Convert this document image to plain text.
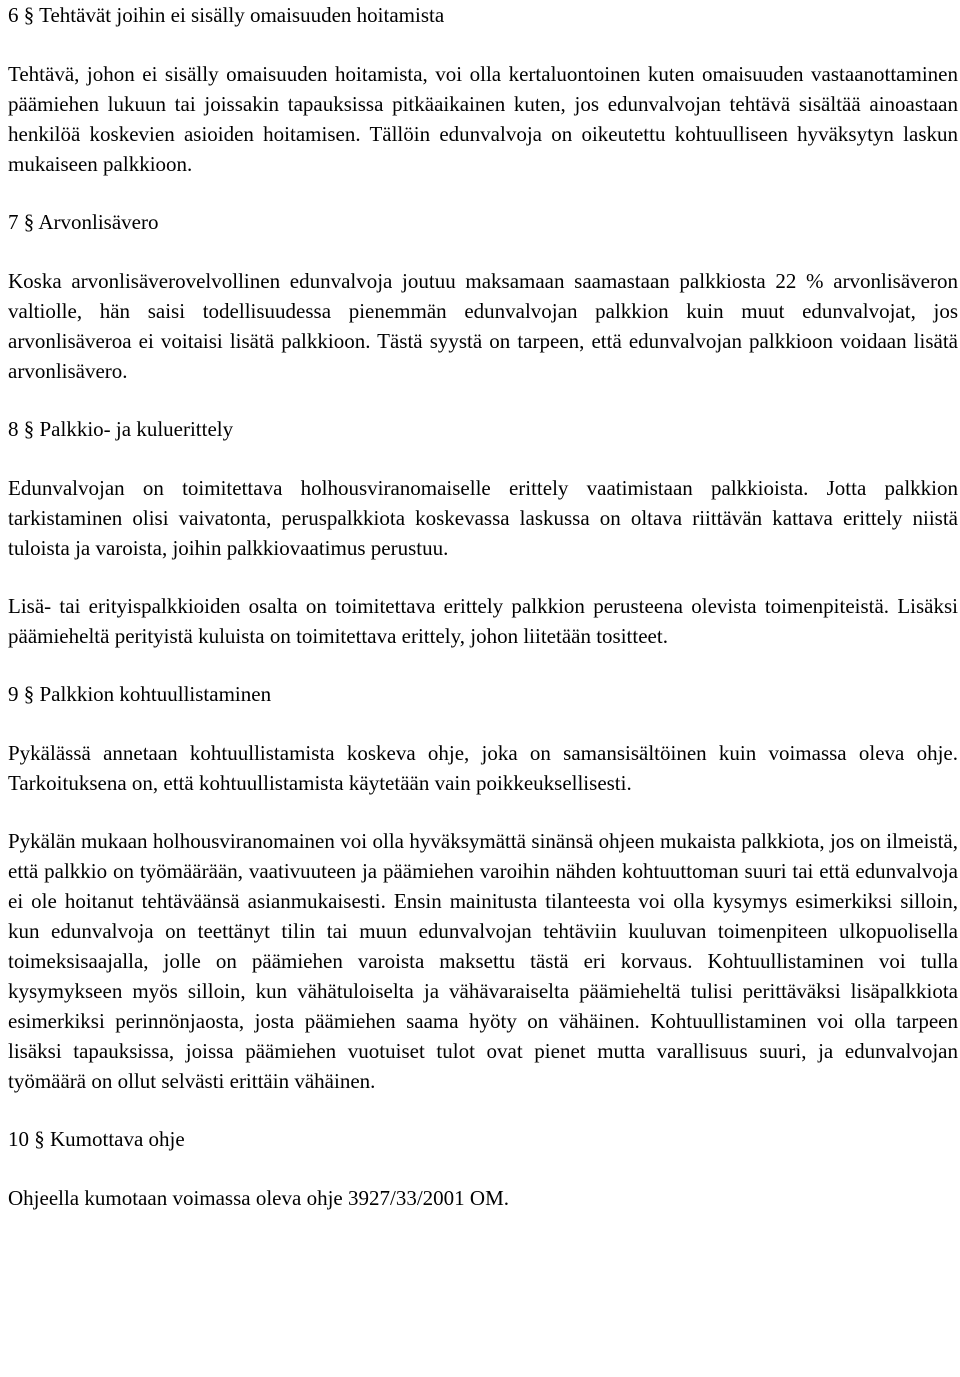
6 § Tehtävät joihin ei sisälly omaisuuden hoitamista

Tehtävä, johon ei sisälly omaisuuden hoitamista, voi olla kertaluontoinen kuten omaisuuden vastaanottaminen päämiehen lukuun tai joissakin tapauksissa pitkäaikainen kuten, jos edunvalvojan tehtävä sisältää ainoastaan henkilöä koskevien asioiden hoitamisen. Tällöin edunvalvoja on oikeutettu kohtuulliseen hyväksytyn laskun mukaiseen palkkioon.

7 § Arvonlisävero

Koska arvonlisäverovelvollinen edunvalvoja joutuu maksamaan saamastaan palkkiosta 22 % arvonlisäveron valtiolle, hän saisi todellisuudessa pienemmän edunvalvojan palkkion kuin muut edunvalvojat, jos arvonlisäveroa ei voitaisi lisätä palkkioon. Tästä syystä on tarpeen, että edunvalvojan palkkioon voidaan lisätä arvonlisävero.

8 § Palkkio- ja kuluerittely

Edunvalvojan on toimitettava holhousviranomaiselle erittely vaatimistaan palkkioista. Jotta palkkion tarkistaminen olisi vaivatonta, peruspalkkiota koskevassa laskussa on oltava riittävän kattava erittely niistä tuloista ja varoista, joihin palkkiovaatimus perustuu.

Lisä- tai erityispalkkioiden osalta on toimitettava erittely palkkion perusteena olevista toimenpiteistä. Lisäksi päämieheltä perityistä kuluista on toimitettava erittely, johon liitetään tositteet.

9 § Palkkion kohtuullistaminen

Pykälässä annetaan kohtuullistamista koskeva ohje, joka on samansisältöinen kuin voimassa oleva ohje. Tarkoituksena on, että kohtuullistamista käytetään vain poikkeuksellisesti.

Pykälän mukaan holhousviranomainen voi olla hyväksymättä sinänsä ohjeen mukaista palkkiota, jos on ilmeistä, että palkkio on työmäärään, vaativuuteen ja päämiehen varoihin nähden kohtuuttoman suuri tai että edunvalvoja ei ole hoitanut tehtäväänsä asianmukaisesti. Ensin mainitusta tilanteesta voi olla kysymys esimerkiksi silloin, kun edunvalvoja on teettänyt tilin tai muun edunvalvojan tehtäviin kuuluvan toimenpiteen ulkopuolisella toimeksisaajalla, jolle on päämiehen varoista maksettu tästä eri korvaus. Kohtuullistaminen voi tulla kysymykseen myös silloin, kun vähätuloiselta ja vähävaraiselta päämieheltä tulisi perittäväksi lisäpalkkiota esimerkiksi perinnönjaosta, josta päämiehen saama hyöty on vähäinen. Kohtuullistaminen voi olla tarpeen lisäksi tapauksissa, joissa päämiehen vuotuiset tulot ovat pienet mutta varallisuus suuri, ja edunvalvojan työmäärä on ollut selvästi erittäin vähäinen.

10 § Kumottava ohje

Ohjeella kumotaan voimassa oleva ohje 3927/33/2001 OM.
